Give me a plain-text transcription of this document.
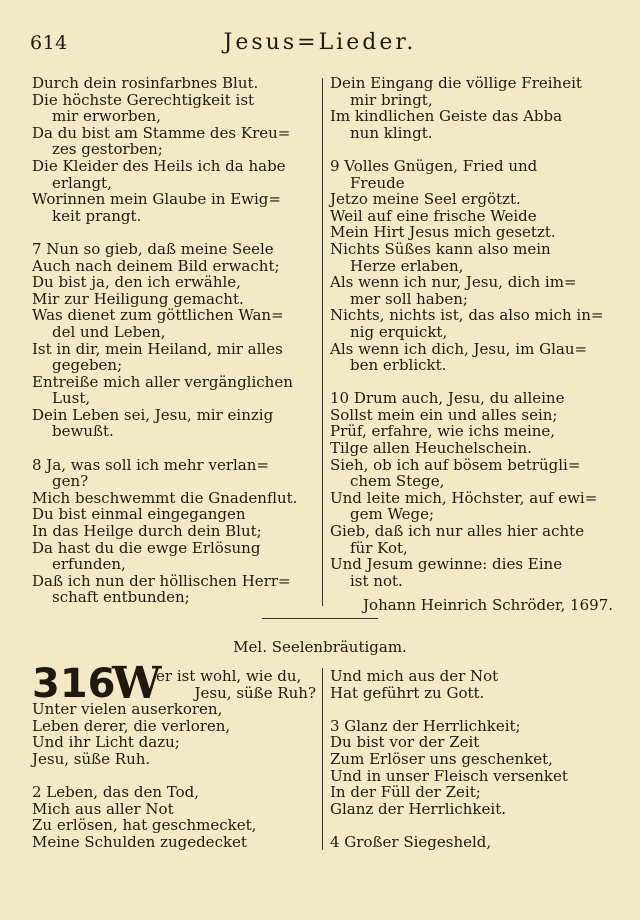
614	Jesus=Lieder.
Durch dein rosinfarbnes Blut.
Die höchste Gerechtigkeit ist
mir erworben,
Da du bist am Stamme des Kreu=
zes gestorben;
Die Kleider des Heils ich da habe
erlangt,
Worinnen mein Glaube in Ewig=
keit prangt.
7 Nun so gieb, daß meine Seele
Auch nach deinem Bild erwacht;
Du bist ja, den ich erwähle,
Mir zur Heiligung gemacht.
Was dienet zum göttlichen Wan=
del und Leben,
Ist in dir, mein Heiland, mir alles
gegeben;
Entreiße mich aller vergänglichen
Lust,
Dein Leben sei, Jesu, mir einzig
bewußt.
8 Ja, was soll ich mehr verlan=
gen?
Mich beschwemmt die Gnadenflut.
Du bist einmal eingegangen
In das Heilge durch dein Blut;
Da hast du die ewge Erlösung
erfunden,
Daß ich nun der höllischen Herr=
schaft entbunden;
Dein Eingang die völlige Freiheit
mir bringt,
Im kindlichen Geiste das Abba
nun klingt.
9 Volles Gnügen, Fried und
Freude
Jetzo meine Seel ergötzt.
Weil auf eine frische Weide
Mein Hirt Jesus mich gesetzt.
Nichts Süßes kann also mein
Herze erlaben,
Als wenn ich nur, Jesu, dich im=
mer soll haben;
Nichts, nichts ist, das also mich in=
nig erquickt,
Als wenn ich dich, Jesu, im Glau=
ben erblickt.
10 Drum auch, Jesu, du alleine
Sollst mein ein und alles sein;
Prüf, erfahre, wie ichs meine,
Tilge allen Heuchelschein.
Sieh, ob ich auf bösem betrügli=
chem Stege,
Und leite mich, Höchster, auf ewi=
gem Wege;
Gieb, daß ich nur alles hier achte
für Kot,
Und Jesum gewinne: dies Eine
ist not.
Johann Heinrich Schröder, 1697.
Mel. Seelenbräutigam.
316
W
er ist wohl, wie du,
Jesu, süße Ruh?
Unter vielen auserkoren,
Leben derer, die verloren,
Und ihr Licht dazu;
Jesu, süße Ruh.
2 Leben, das den Tod,
Mich aus aller Not
Zu erlösen, hat geschmecket,
Meine Schulden zugedecket
Und mich aus der Not
Hat geführt zu Gott.
3 Glanz der Herrlichkeit;
Du bist vor der Zeit
Zum Erlöser uns geschenket,
Und in unser Fleisch versenket
In der Füll der Zeit;
Glanz der Herrlichkeit.
4 Großer Siegesheld,
